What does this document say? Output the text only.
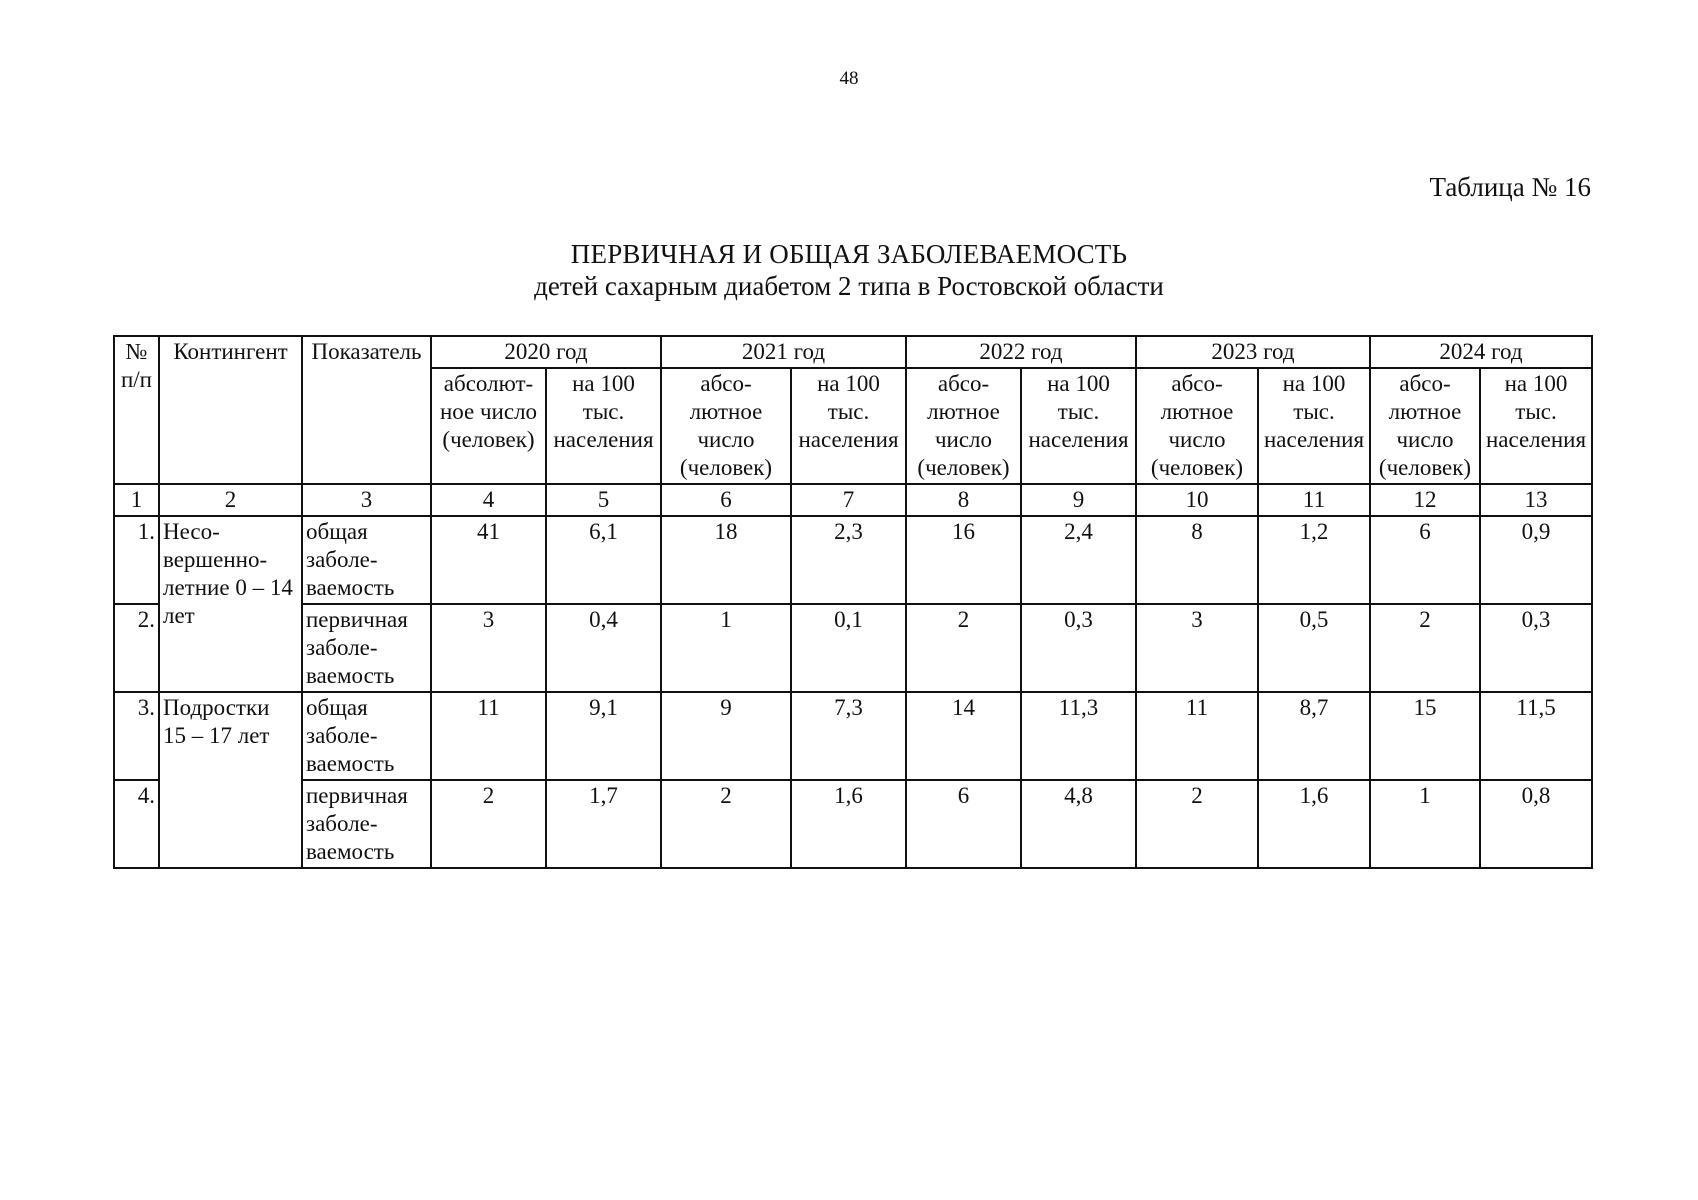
48
Таблица № 16
ПЕРВИЧНАЯ И ОБЩАЯ ЗАБОЛЕВАЕМОСТЬ
детей сахарным диабетом 2 типа в Ростовской области
№ п/п	Контингент	Показатель	2020 год		2021 год		2022 год		2023 год		2024 год	
			абсолют-ное число (человек)	на 100 тыс. населения	абсо-лютное число (человек)	на 100 тыс. населения	абсо-лютное число (человек)	на 100 тыс. населения	абсо-лютное число (человек)	на 100 тыс. населения	абсо-лютное число (человек)	на 100 тыс. населения
1	2	3	4	5	6	7	8	9	10	11	12	13
1.	Несо-вершенно-летние 0 – 14 лет	общая заболе-ваемость	41	6,1	18	2,3	16	2,4	8	1,2	6	0,9
2.		первичная заболе-ваемость	3	0,4	1	0,1	2	0,3	3	0,5	2	0,3
3.	Подростки 15 – 17 лет	общая заболе-ваемость	11	9,1	9	7,3	14	11,3	11	8,7	15	11,5
4.		первичная заболе-ваемость	2	1,7	2	1,6	6	4,8	2	1,6	1	0,8
